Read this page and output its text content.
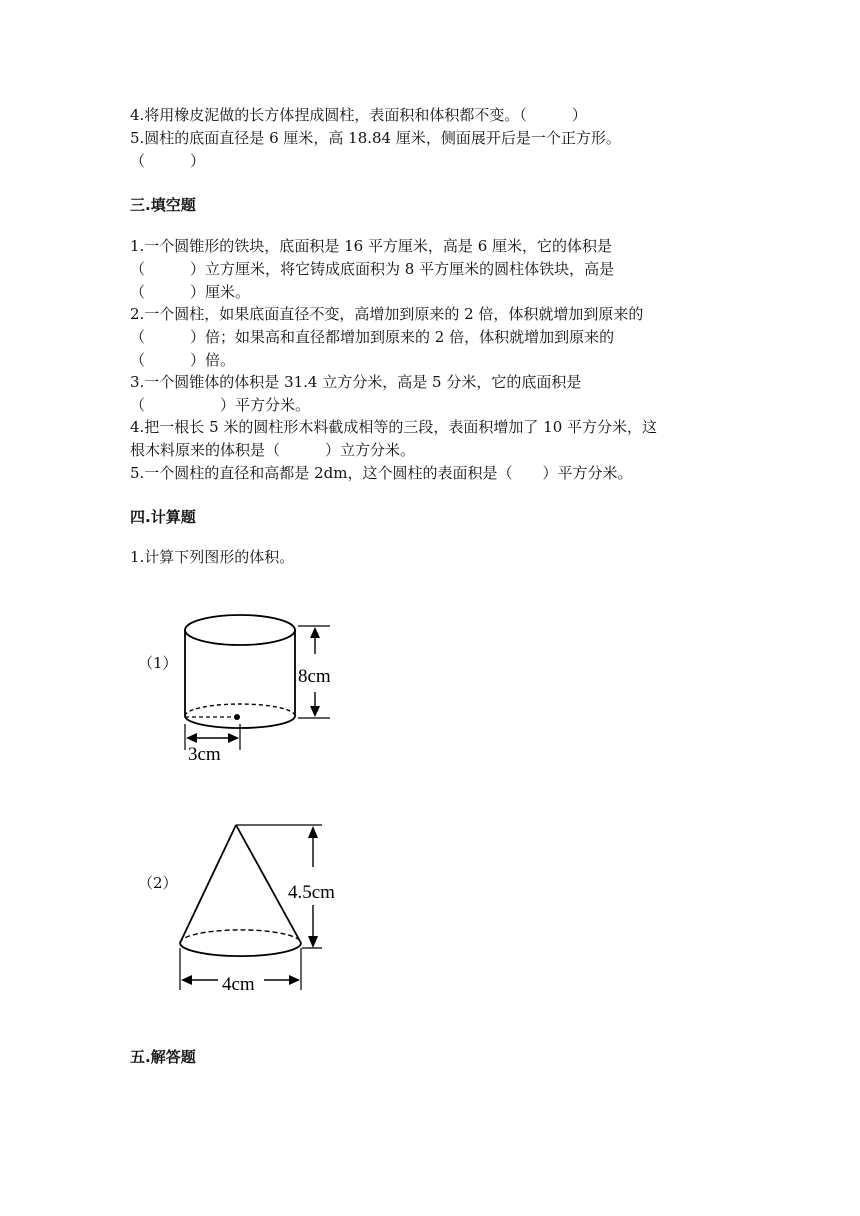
4.将用橡皮泥做的长方体捏成圆柱，表面积和体积都不变。（　　　）
5.圆柱的底面直径是 6 厘米，高 18.84 厘米，侧面展开后是一个正方形。
（　　　）
三.填空题
1.一个圆锥形的铁块，底面积是 16 平方厘米，高是 6 厘米，它的体积是
（　　　）立方厘米，将它铸成底面积为 8 平方厘米的圆柱体铁块，高是
（　　　）厘米。
2.一个圆柱，如果底面直径不变，高增加到原来的 2 倍，体积就增加到原来的
（　　　）倍；如果高和直径都增加到原来的 2 倍，体积就增加到原来的
（　　　）倍。
3.一个圆锥体的体积是 31.4 立方分米，高是 5 分米，它的底面积是
（　　　　　）平方分米。
4.把一根长 5 米的圆柱形木料截成相等的三段，表面积增加了 10 平方分米，这
根木料原来的体积是（　　　）立方分米。
5.一个圆柱的直径和高都是 2dm，这个圆柱的表面积是（　　）平方分米。
四.计算题
1.计算下列图形的体积。
（1）
8cm
3cm
（2）	4.5cm
4cm
五.解答题
